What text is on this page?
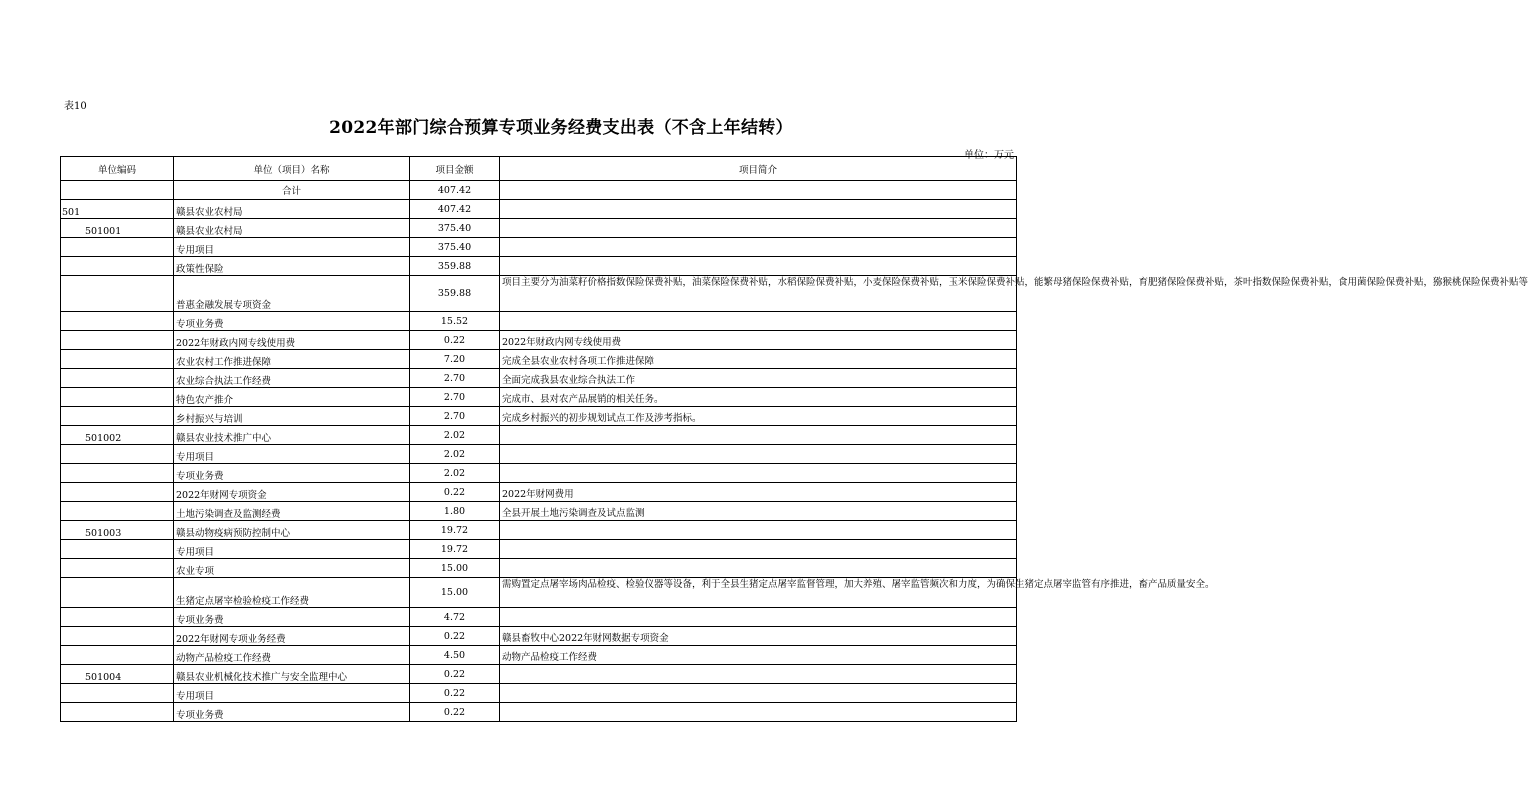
表10
2022年部门综合预算专项业务经费支出表（不含上年结转）
单位：万元
单位编码	单位（项目）名称	项目金额	项目简介
	合计	407.42	
501	赣县农业农村局	407.42	
501001	赣县农业农村局	375.40	
	专用项目	375.40	
	政策性保险	359.88	
	普惠金融发展专项资金	359.88	项目主要分为油菜籽价格指数保险保费补贴，油菜保险保费补贴，水稻保险保费补贴，小麦保险保费补贴，玉米保险保费补贴，能繁母猪保险保费补贴，育肥猪保险保费补贴，茶叶指数保险保费补贴，食用菌保险保费补贴，猕猴桃保险保费补贴等
	专项业务费	15.52	
	2022年财政内网专线使用费	0.22	2022年财政内网专线使用费
	农业农村工作推进保障	7.20	完成全县农业农村各项工作推进保障
	农业综合执法工作经费	2.70	全面完成我县农业综合执法工作
	特色农产推介	2.70	完成市、县对农产品展销的相关任务。
	乡村振兴与培训	2.70	完成乡村振兴的初步规划试点工作及涉考指标。
501002	赣县农业技术推广中心	2.02	
	专用项目	2.02	
	专项业务费	2.02	
	2022年财网专项资金	0.22	2022年财网费用
	土地污染调查及监测经费	1.80	全县开展土地污染调查及试点监测
501003	赣县动物疫病预防控制中心	19.72	
	专用项目	19.72	
	农业专项	15.00	
	生猪定点屠宰检验检疫工作经费	15.00	需购置定点屠宰场肉品检疫、检验仪器等设备，利于全县生猪定点屠宰监督管理，加大养殖、屠宰监管频次和力度，为确保生猪定点屠宰监管有序推进，畜产品质量安全。
	专项业务费	4.72	
	2022年财网专项业务经费	0.22	赣县畜牧中心2022年财网数据专项资金
	动物产品检疫工作经费	4.50	动物产品检疫工作经费
501004	赣县农业机械化技术推广与安全监理中心	0.22	
	专用项目	0.22	
	专项业务费	0.22	
